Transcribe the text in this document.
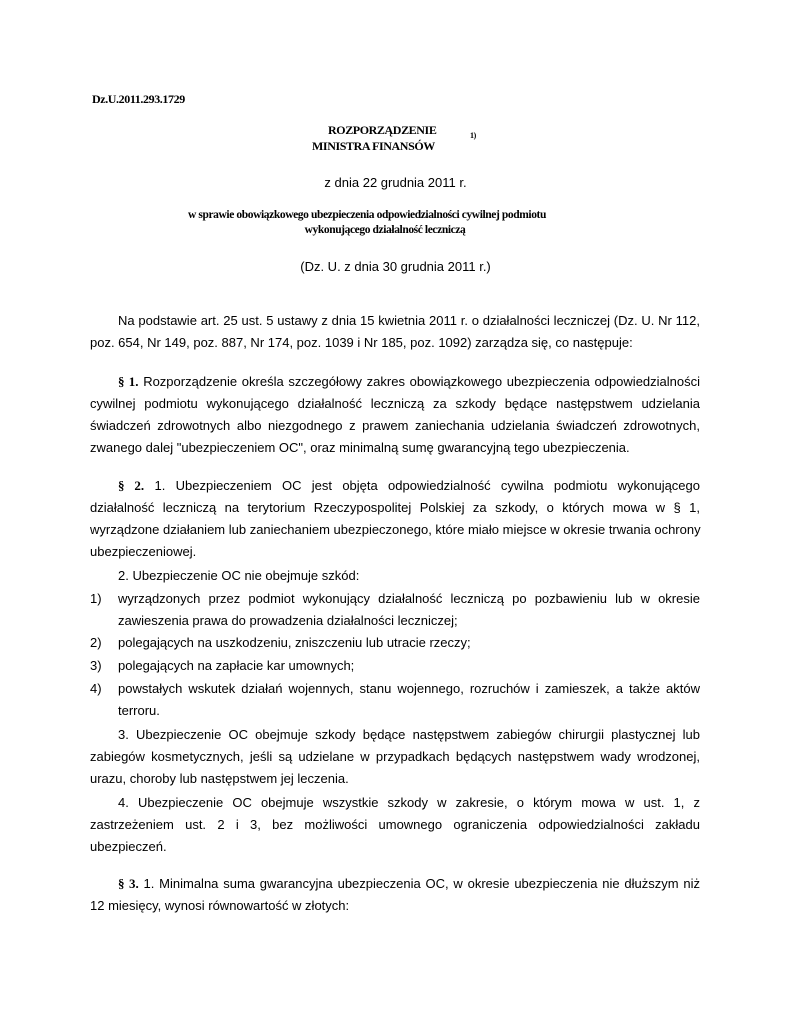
Dz.U.2011.293.1729
ROZPORZĄDZENIE
MINISTRA FINANSÓW
1)
z dnia 22 grudnia 2011 r.
w sprawie obowiązkowego ubezpieczenia odpowiedzialności cywilnej podmiotu
wykonującego działalność leczniczą
(Dz. U. z dnia 30 grudnia 2011 r.)
Na podstawie art. 25 ust. 5 ustawy z dnia 15 kwietnia 2011 r. o działalności leczniczej (Dz. U. Nr 112,
poz. 654, Nr 149, poz. 887, Nr 174, poz. 1039 i Nr 185, poz. 1092) zarządza się, co następuje:
§ 1. Rozporządzenie określa szczegółowy zakres obowiązkowego ubezpieczenia odpowiedzialności
cywilnej podmiotu wykonującego działalność leczniczą za szkody będące następstwem udzielania
świadczeń zdrowotnych albo niezgodnego z prawem zaniechania udzielania świadczeń zdrowotnych,
zwanego dalej "ubezpieczeniem OC", oraz minimalną sumę gwarancyjną tego ubezpieczenia.
§ 2. 1. Ubezpieczeniem OC jest objęta odpowiedzialność cywilna podmiotu wykonującego
działalność leczniczą na terytorium Rzeczypospolitej Polskiej za szkody, o których mowa w § 1,
wyrządzone działaniem lub zaniechaniem ubezpieczonego, które miało miejsce w okresie trwania ochrony
ubezpieczeniowej.
2. Ubezpieczenie OC nie obejmuje szkód:
1) wyrządzonych przez podmiot wykonujący działalność leczniczą po pozbawieniu lub w okresie
zawieszenia prawa do prowadzenia działalności leczniczej;
2) polegających na uszkodzeniu, zniszczeniu lub utracie rzeczy;
3) polegających na zapłacie kar umownych;
4) powstałych wskutek działań wojennych, stanu wojennego, rozruchów i zamieszek, a także aktów
terroru.
3. Ubezpieczenie OC obejmuje szkody będące następstwem zabiegów chirurgii plastycznej lub
zabiegów kosmetycznych, jeśli są udzielane w przypadkach będących następstwem wady wrodzonej,
urazu, choroby lub następstwem jej leczenia.
4. Ubezpieczenie OC obejmuje wszystkie szkody w zakresie, o którym mowa w ust. 1, z
zastrzeżeniem ust. 2 i 3, bez możliwości umownego ograniczenia odpowiedzialności zakładu
ubezpieczeń.
§ 3. 1. Minimalna suma gwarancyjna ubezpieczenia OC, w okresie ubezpieczenia nie dłuższym niż
12 miesięcy, wynosi równowartość w złotych:
